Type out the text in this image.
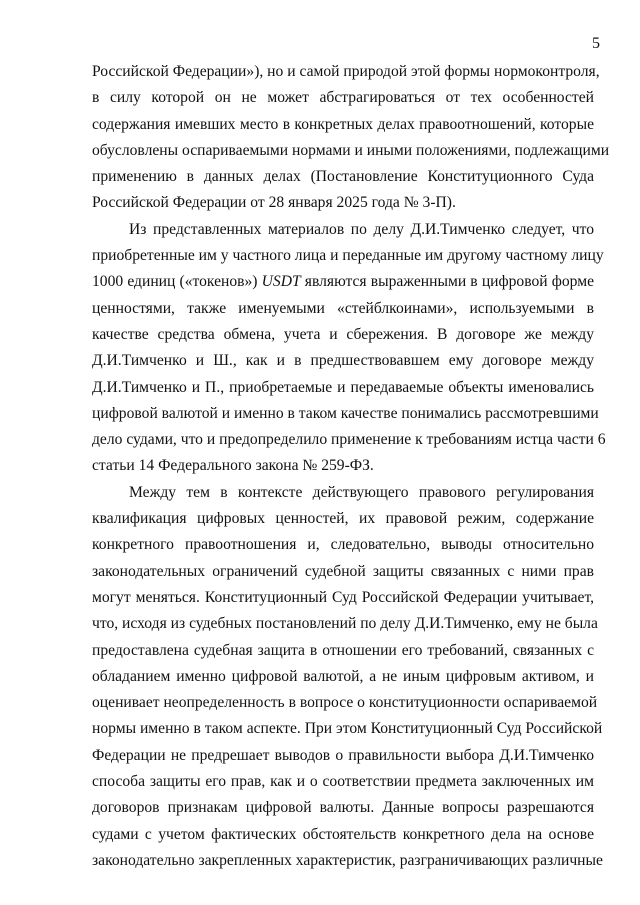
5
Российской Федерации»), но и самой природой этой формы нормоконтроля,
в силу которой он не может абстрагироваться от тех особенностей
содержания имевших место в конкретных делах правоотношений, которые
обусловлены оспариваемыми нормами и иными положениями, подлежащими
применению в данных делах (Постановление Конституционного Суда
Российской Федерации от 28 января 2025 года № 3-П).
Из представленных материалов по делу Д.И.Тимченко следует, что
приобретенные им у частного лица и переданные им другому частному лицу
1000 единиц («токенов») USDT являются выраженными в цифровой форме
ценностями, также именуемыми «стейблкоинами», используемыми в
качестве средства обмена, учета и сбережения. В договоре же между
Д.И.Тимченко и Ш., как и в предшествовавшем ему договоре между
Д.И.Тимченко и П., приобретаемые и передаваемые объекты именовались
цифровой валютой и именно в таком качестве понимались рассмотревшими
дело судами, что и предопределило применение к требованиям истца части 6
статьи 14 Федерального закона № 259-ФЗ.
Между тем в контексте действующего правового регулирования
квалификация цифровых ценностей, их правовой режим, содержание
конкретного правоотношения и, следовательно, выводы относительно
законодательных ограничений судебной защиты связанных с ними прав
могут меняться. Конституционный Суд Российской Федерации учитывает,
что, исходя из судебных постановлений по делу Д.И.Тимченко, ему не была
предоставлена судебная защита в отношении его требований, связанных с
обладанием именно цифровой валютой, а не иным цифровым активом, и
оценивает неопределенность в вопросе о конституционности оспариваемой
нормы именно в таком аспекте. При этом Конституционный Суд Российской
Федерации не предрешает выводов о правильности выбора Д.И.Тимченко
способа защиты его прав, как и о соответствии предмета заключенных им
договоров признакам цифровой валюты. Данные вопросы разрешаются
судами с учетом фактических обстоятельств конкретного дела на основе
законодательно закрепленных характеристик, разграничивающих различные
